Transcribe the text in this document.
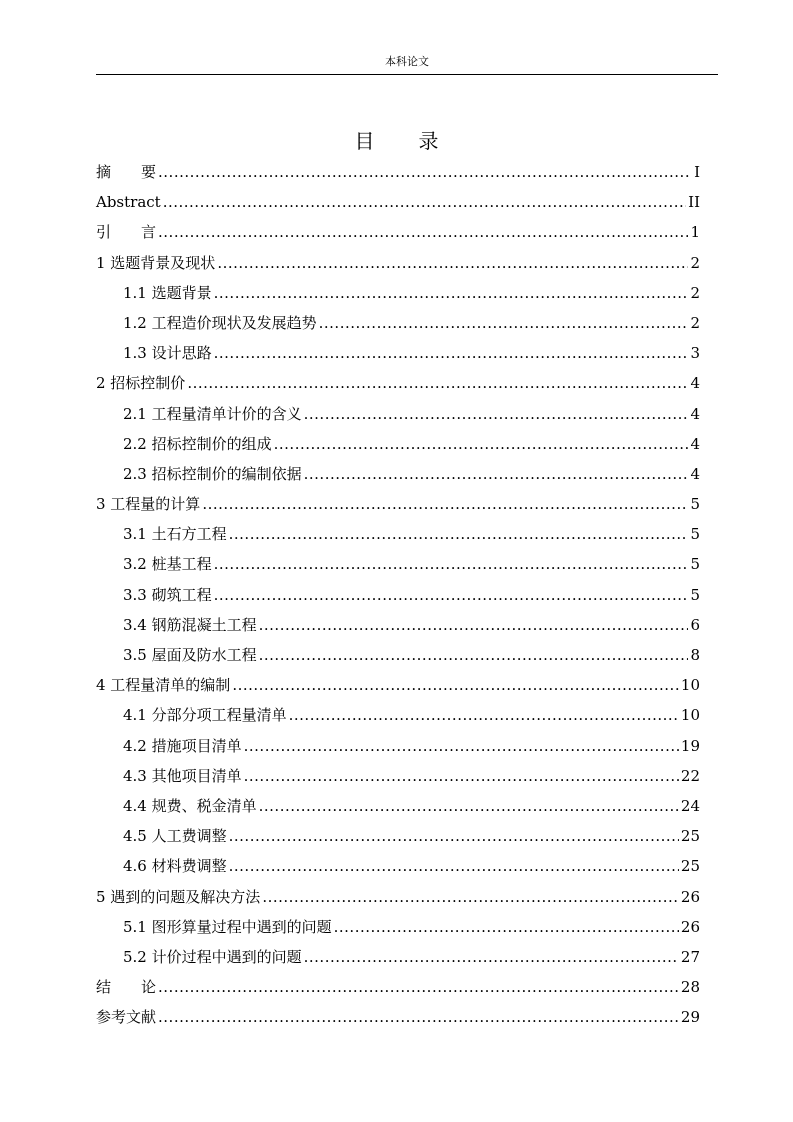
本科论文
目 录
摘　　要 .....	I
Abstract .....	II
引　　言 .....	1
1 选题背景及现状 .....	2
1.1 选题背景 .....	2
1.2 工程造价现状及发展趋势 .....	2
1.3 设计思路 .....	3
2 招标控制价 .....	4
2.1 工程量清单计价的含义 .....	4
2.2 招标控制价的组成 .....	4
2.3 招标控制价的编制依据 .....	4
3 工程量的计算 .....	5
3.1 土石方工程 .....	5
3.2 桩基工程 .....	5
3.3 砌筑工程 .....	5
3.4 钢筋混凝土工程 .....	6
3.5 屋面及防水工程 .....	8
4 工程量清单的编制 .....	10
4.1 分部分项工程量清单 .....	10
4.2 措施项目清单 .....	19
4.3 其他项目清单 .....	22
4.4 规费、税金清单 .....	24
4.5 人工费调整 .....	25
4.6 材料费调整 .....	25
5 遇到的问题及解决方法 .....	26
5.1 图形算量过程中遇到的问题 .....	26
5.2 计价过程中遇到的问题 .....	27
结　　论 .....	28
参考文献 .....	29
